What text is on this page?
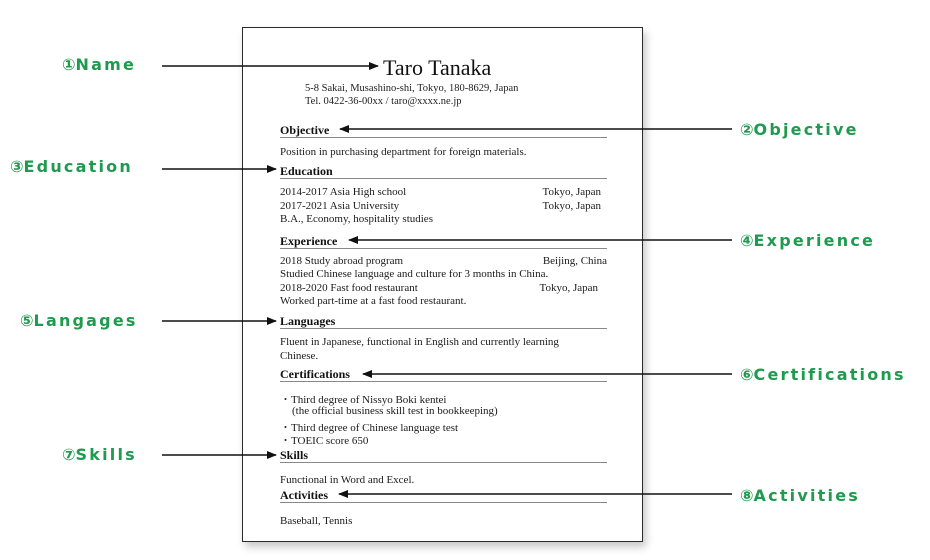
Taro Tanaka
5-8 Sakai, Musashino-shi, Tokyo, 180-8629, Japan
Tel. 0422-36-00xx / taro@xxxx.ne.jp
Objective
Position in purchasing department for foreign materials.
Education
2014-2017 Asia High school	Tokyo, Japan
2017-2021 Asia University	Tokyo, Japan
B.A., Economy, hospitality studies
Experience
2018 Study abroad program	Beijing, China
Studied Chinese language and culture for 3 months in China.
2018-2020 Fast food restaurant	Tokyo, Japan
Worked part-time at a fast food restaurant.
Languages
Fluent in Japanese, functional in English and currently learning
Chinese.
Certifications
・Third degree of Nissyo Boki kentei
(the official business skill test in bookkeeping)
・Third degree of Chinese language test
・TOEIC score 650
Skills
Functional in Word and Excel.
Activities
Baseball, Tennis
①Name
③Education
⑤Langages
⑦Skills
②Objective
④Experience
⑥Certifications
⑧Activities
